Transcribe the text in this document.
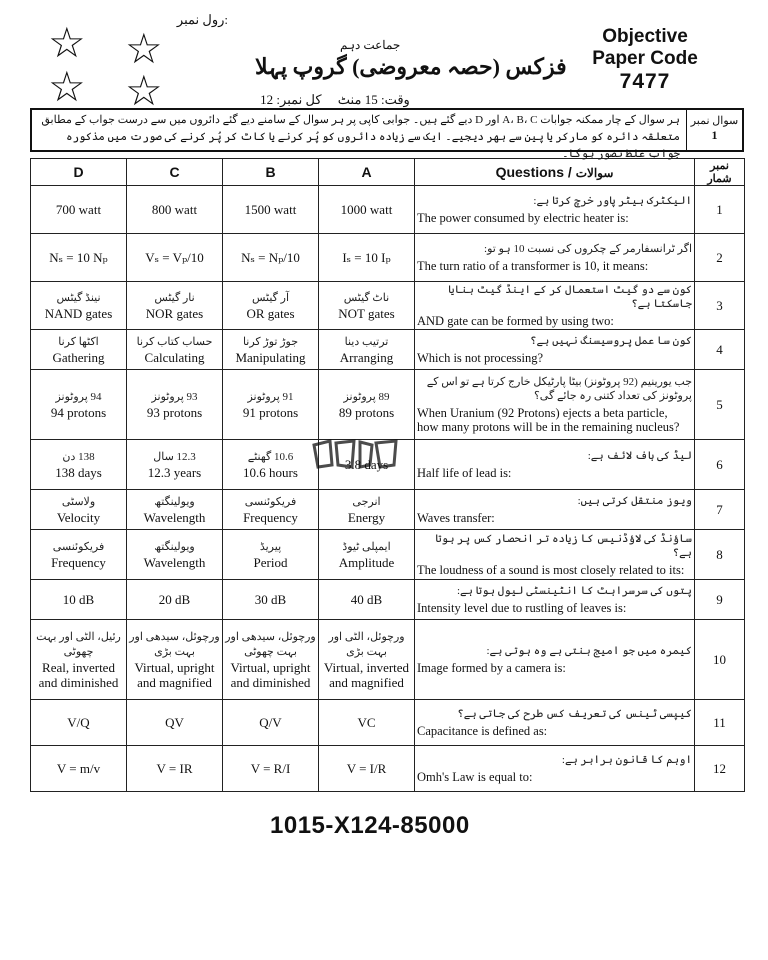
☆ ☆
☆ ☆
رول نمبر:
Objective
Paper Code
7477
جماعت دہم
فزکس (حصہ معروضی) گروپ پہلا
وقت: 15 منٹ     کل نمبر: 12
ہر سوال کے چار ممکنہ جوابات A، B، C اور D دیے گئے ہیں۔ جوابی کاپی پر ہر سوال کے سامنے دیے گئے دائروں میں سے درست جواب کے مطابق
متعلقہ دائرہ کو مارکر یا پین سے بھر دیجیے۔ ایک سے زیادہ دائروں کو پُر کرنے یا کاٹ کر پُر کرنے کی صورت میں مذکورہ جواب غلط تصور ہوگا۔
سوال نمبر
1
D	C	B	A	Questions / سوالات	نمبر شمار
700 watt	800 watt	1500 watt	1000 watt	الیکٹرک ہیٹر پاور خرچ کرتا ہے:
The power consumed by electric heater is:	1
Nₛ = 10 Nₚ	Vₛ = Vₚ/10	Nₛ = Nₚ/10	Iₛ = 10 Iₚ	اگر ٹرانسفارمر کے چکروں کی نسبت 10 ہو تو:
The turn ratio of a transformer is 10, it means:	2

نینڈ گیٹس
NAND gates	نار گیٹس
NOR gates	آر گیٹس
OR gates	ناٹ گیٹس
NOT gates	کون سے دو گیٹ استعمال کر کے اینڈ گیٹ بنایا جاسکتا ہے؟
AND gate can be formed by using two:	3

اکٹھا کرنا
Gathering	حساب کتاب کرنا
Calculating	جوڑ توڑ کرنا
Manipulating	ترتیب دینا
Arranging	کون سا عمل پروسیسنگ نہیں ہے؟
Which is not processing?	4

94 پروٹونز
94 protons	93 پروٹونز
93 protons	91 پروٹونز
91 protons	89 پروٹونز
89 protons	جب یورینیم (92 پروٹونز) بیٹا پارٹیکل خارج کرتا ہے تو اس کے پروٹونز کی تعداد کتنی رہ جائے گی؟
When Uranium (92 Protons) ejects a beta particle, how many protons will be in the remaining nucleus?	5

138 دن
138 days	12.3 سال
12.3 years	10.6 گھنٹے
10.6 hours	3.8 days	لیڈ کی ہاف لائف ہے:
Half life of lead is:	6

ولاسٹی
Velocity	ویولینگتھ
Wavelength	فریکوئنسی
Frequency	انرجی
Energy	ویوز منتقل کرتی ہیں:
Waves transfer:	7

فریکوئنسی
Frequency	ویولینگتھ
Wavelength	پیریڈ
Period	ایمپلی ٹیوڈ
Amplitude	ساؤنڈ کی لاؤڈنیس کا زیادہ تر انحصار کس پر ہوتا ہے؟
The loudness of a sound is most closely related to its:	8
10 dB	20 dB	30 dB	40 dB	پتوں کی سرسراہٹ کا انٹینسٹی لیول ہوتا ہے:
Intensity level due to rustling of leaves is:	9

رئیل، الٹی اور بہت چھوٹی
Real, inverted and diminished	ورچوئل، سیدھی اور بہت بڑی
Virtual, upright and magnified	ورچوئل، سیدھی اور بہت چھوٹی
Virtual, upright and diminished	ورچوئل، الٹی اور بہت بڑی
Virtual, inverted and magnified	کیمرہ میں جو امیج بنتی ہے وہ ہوتی ہے:
Image formed by a camera is:	10
V/Q	QV	Q/V	VC	کیپسی ٹینس کی تعریف کس طرح کی جاتی ہے؟
Capacitance is defined as:	11
V = m/v	V = IR	V = R/I	V = I/R	اوہم کا قانون برابر ہے:
Omh's Law is equal to:	12
1015-X124-85000
